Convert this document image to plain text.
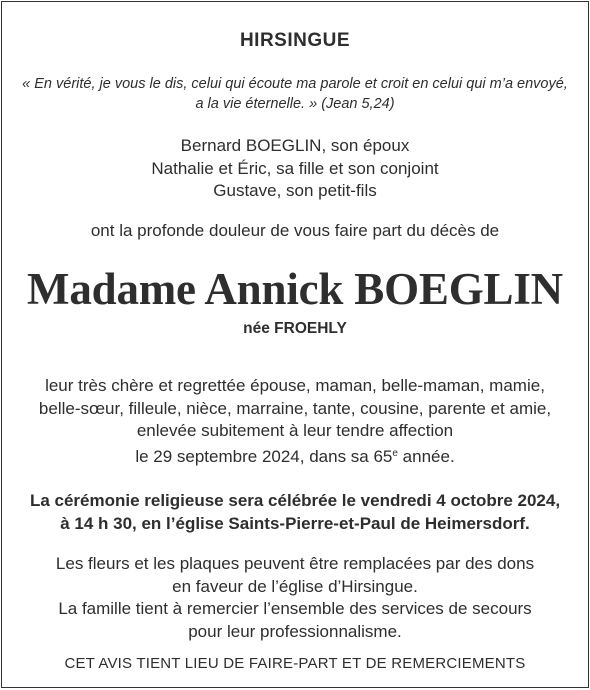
HIRSINGUE
« En vérité, je vous le dis, celui qui écoute ma parole et croit en celui qui m’a envoyé,
a la vie éternelle. » (Jean 5,24)
Bernard BOEGLIN, son époux
Nathalie et Éric, sa fille et son conjoint
Gustave, son petit-fils
ont la profonde douleur de vous faire part du décès de
Madame Annick BOEGLIN
née FROEHLY
leur très chère et regrettée épouse, maman, belle-maman, mamie,
belle-sœur, filleule, nièce, marraine, tante, cousine, parente et amie,
enlevée subitement à leur tendre affection
le 29 septembre 2024, dans sa 65e année.
La cérémonie religieuse sera célébrée le vendredi 4 octobre 2024,
à 14 h 30, en l’église Saints-Pierre-et-Paul de Heimersdorf.
Les fleurs et les plaques peuvent être remplacées par des dons
en faveur de l’église d’Hirsingue.
La famille tient à remercier l’ensemble des services de secours
pour leur professionnalisme.
CET AVIS TIENT LIEU DE FAIRE-PART ET DE REMERCIEMENTS
